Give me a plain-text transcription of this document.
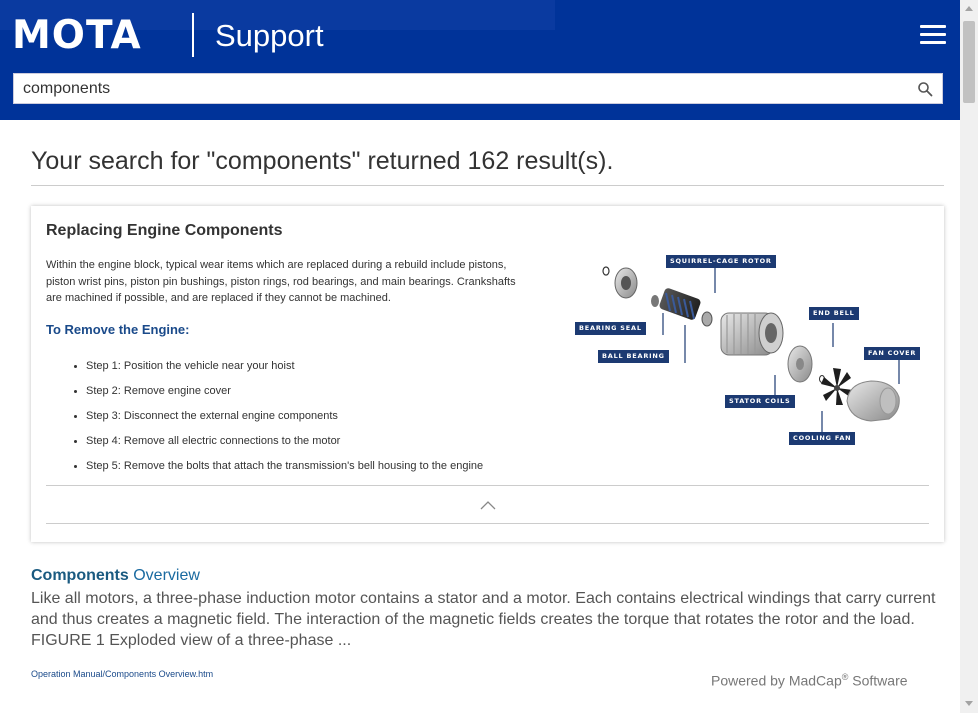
MOTA Support
components
Your search for "components" returned 162 result(s).
Replacing Engine Components
Within the engine block, typical wear items which are replaced during a rebuild include pistons, piston wrist pins, piston pin bushings, piston rings, rod bearings, and main bearings. Crankshafts are machined if possible, and are replaced if they cannot be machined.
To Remove the Engine:
Step 1: Position the vehicle near your hoist
Step 2: Remove engine cover
Step 3: Disconnect the external engine components
Step 4: Remove all electric connections to the motor
Step 5: Remove the bolts that attach the transmission's bell housing to the engine
SQUIRREL-CAGE ROTOR
BEARING SEAL
BALL BEARING
END BELL
FAN COVER
STATOR COILS
COOLING FAN
Components Overview
Like all motors, a three-phase induction motor contains a stator and a motor. Each contains electrical windings that carry current and thus creates a magnetic field. The interaction of the magnetic fields creates the torque that rotates the rotor and the load. FIGURE 1 Exploded view of a three-phase ...
Operation Manual/Components Overview.htm	Powered by MadCap® Software
